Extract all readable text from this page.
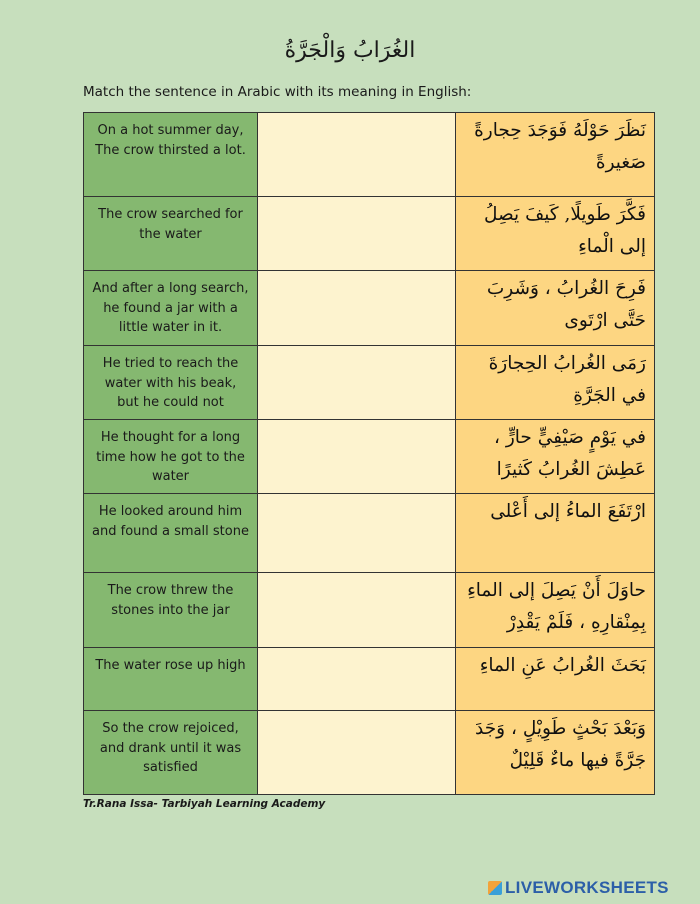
الغُرَابُ وَالْجَرَّةُ
Match the sentence in Arabic with its meaning in English:
On a hot summer day, The crow thirsted a lot.		نَظَرَ حَوْلَهُ فَوَجَدَ حِجارةً صَغيرةً
The crow searched for the water		فَكَّرَ طَويلًا, كَيفَ يَصِلُ إلى الْماءِ
And after a long search, he found a jar with a little water in it.		فَرِحَ الغُرابُ ، وَشَرِبَ حَتَّى ارْتَوى
He tried to reach the water with his beak, but he could not		رَمَى الغُرابُ الحِجارَةَ في الجَرَّةِ
He thought for a long time how he got to the water		في يَوْمٍ صَيْفِيٍّ حارٍّ ، عَطِشَ الغُرابُ كَثيرًا
He looked around him and found a small stone		ارْتَفَعَ الماءُ إلى أَعْلى
The crow threw the stones into the jar		حاوَلَ أَنْ يَصِلَ إلى الماءِ بِمِنْقارِهِ ، فَلَمْ يَقْدِرْ
The water rose up high		بَحَثَ الغُرابُ عَنِ الماءِ
So the crow rejoiced, and drank until it was satisfied		وَبَعْدَ بَحْثٍ طَوِيْلٍ ، وَجَدَ جَرَّةً فيها ماءٌ قَلِيْلٌ
Tr.Rana Issa- Tarbiyah Learning Academy
LIVEWORKSHEETS
